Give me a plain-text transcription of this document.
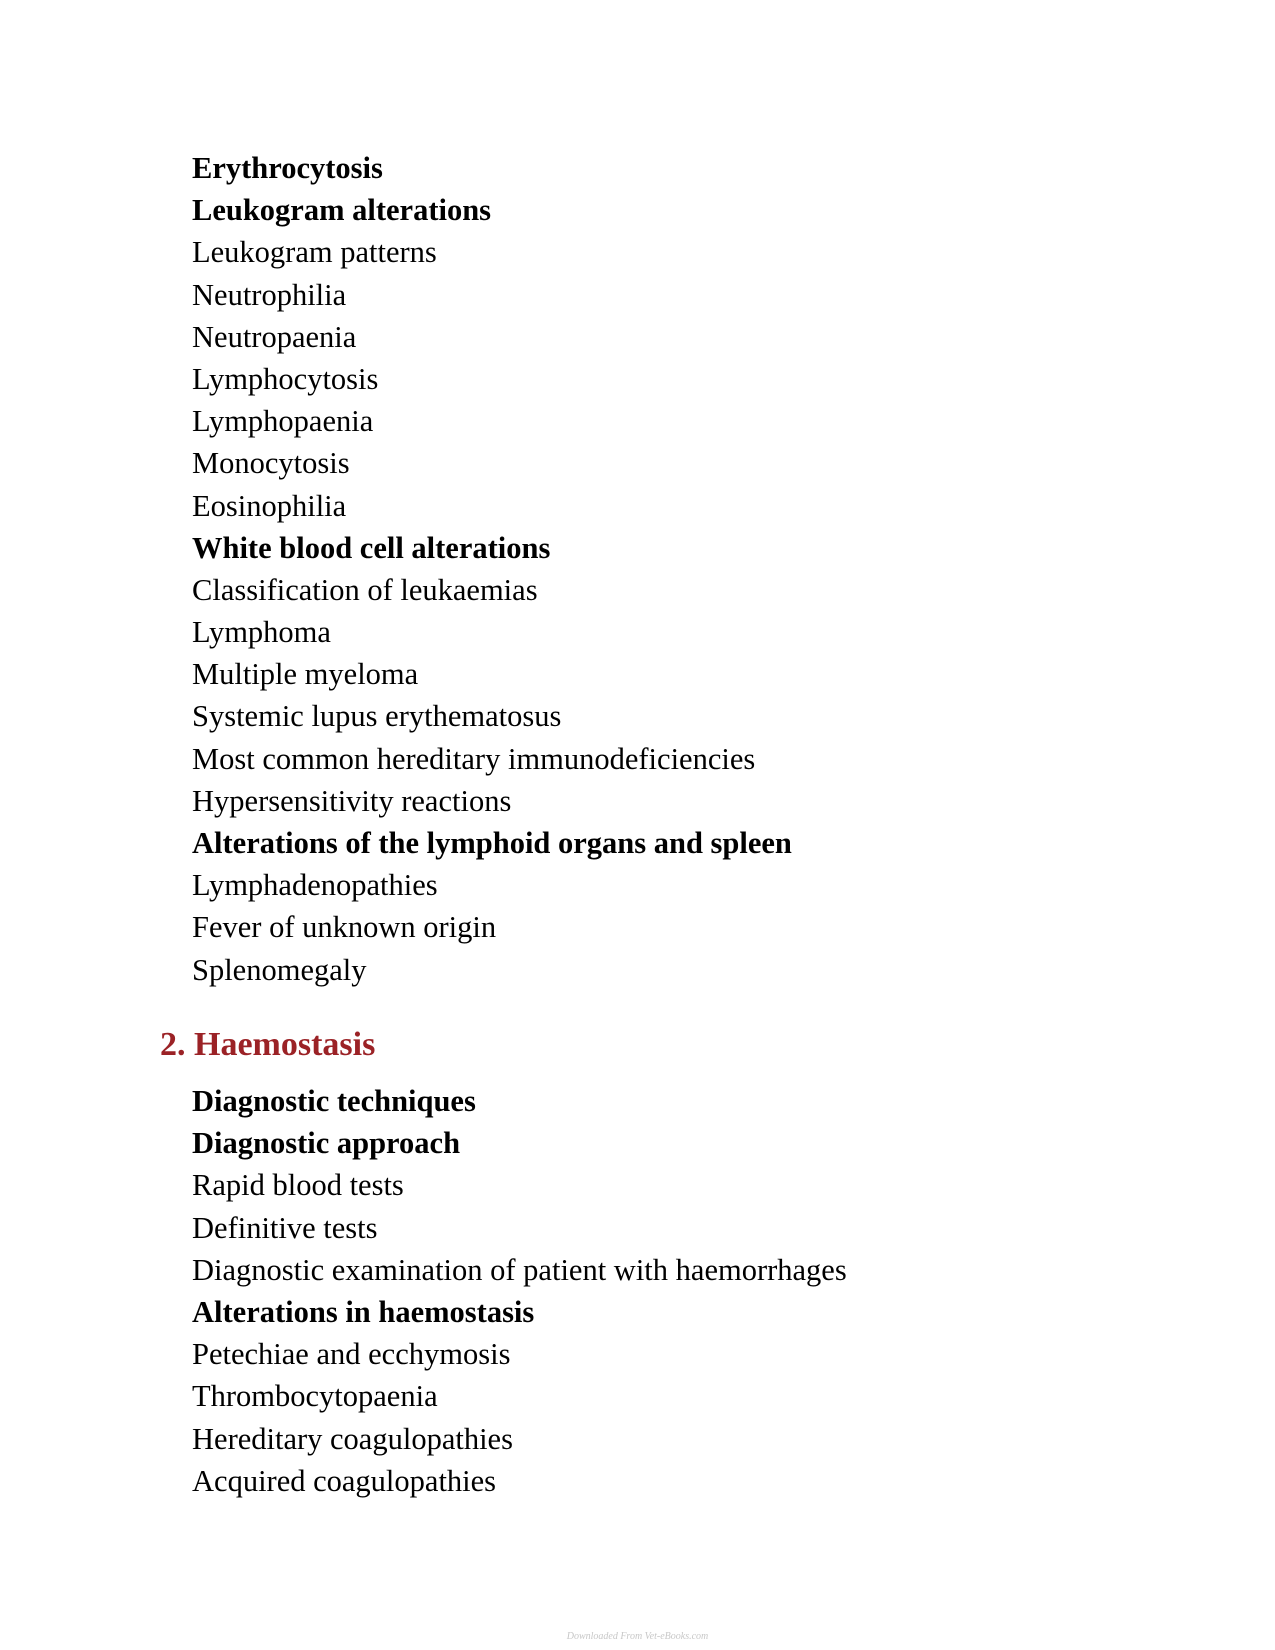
Erythrocytosis
Leukogram alterations
Leukogram patterns
Neutrophilia
Neutropaenia
Lymphocytosis
Lymphopaenia
Monocytosis
Eosinophilia
White blood cell alterations
Classification of leukaemias
Lymphoma
Multiple myeloma
Systemic lupus erythematosus
Most common hereditary immunodeficiencies
Hypersensitivity reactions
Alterations of the lymphoid organs and spleen
Lymphadenopathies
Fever of unknown origin
Splenomegaly
2. Haemostasis
Diagnostic techniques
Diagnostic approach
Rapid blood tests
Definitive tests
Diagnostic examination of patient with haemorrhages
Alterations in haemostasis
Petechiae and ecchymosis
Thrombocytopaenia
Hereditary coagulopathies
Acquired coagulopathies
Downloaded From Vet-eBooks.com
